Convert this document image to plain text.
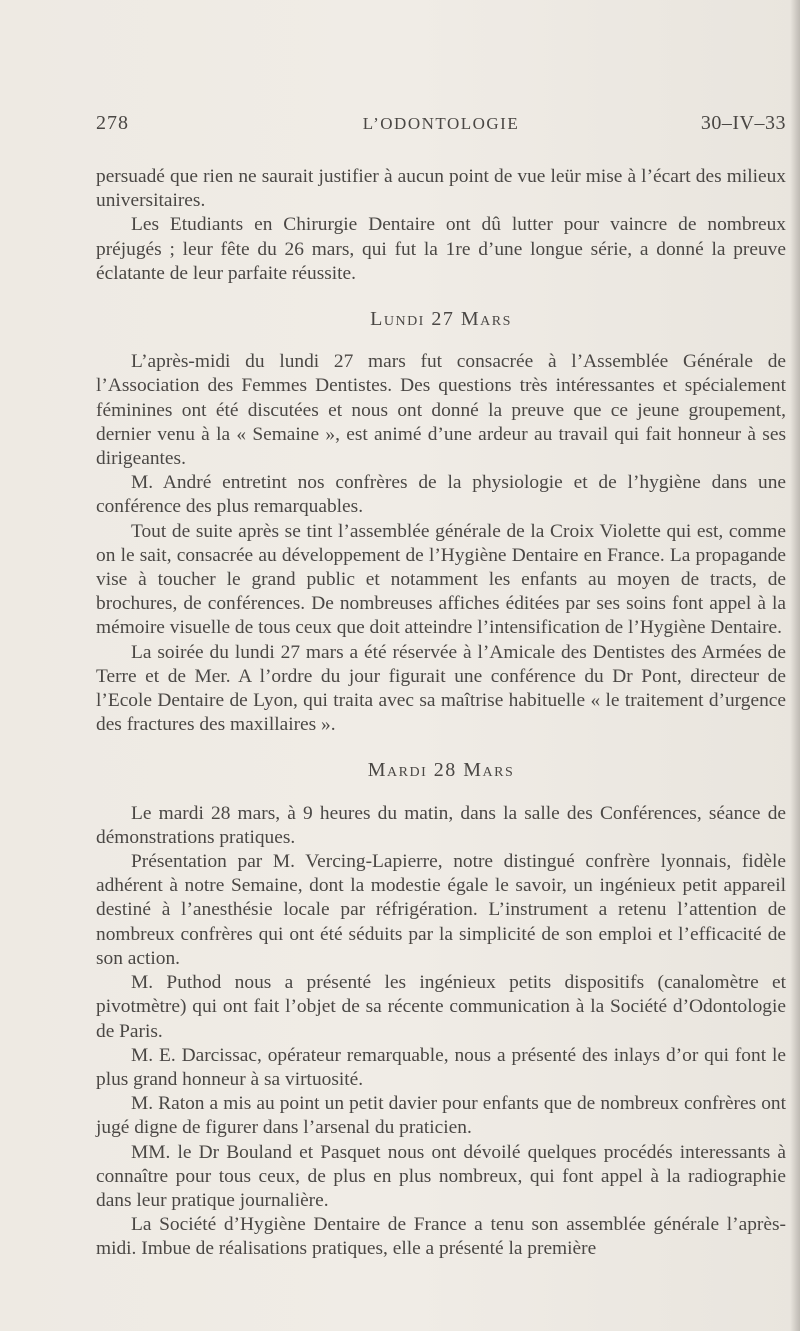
278	L’ODONTOLOGIE	30–IV–33

persuadé que rien ne saurait justifier à aucun point de vue leür mise à l’écart des milieux universitaires.

Les Etudiants en Chirurgie Dentaire ont dû lutter pour vaincre de nombreux préjugés ; leur fête du 26 mars, qui fut la 1re d’une longue série, a donné la preuve éclatante de leur parfaite réussite.

Lundi 27 Mars

L’après-midi du lundi 27 mars fut consacrée à l’Assemblée Générale de l’Association des Femmes Dentistes. Des questions très intéressantes et spécialement féminines ont été discutées et nous ont donné la preuve que ce jeune groupement, dernier venu à la « Semaine », est animé d’une ardeur au travail qui fait honneur à ses dirigeantes.

M. André entretint nos confrères de la physiologie et de l’hygiène dans une conférence des plus remarquables.

Tout de suite après se tint l’assemblée générale de la Croix Violette qui est, comme on le sait, consacrée au développement de l’Hygiène Dentaire en France. La propagande vise à toucher le grand public et notamment les enfants au moyen de tracts, de brochures, de conférences. De nombreuses affiches éditées par ses soins font appel à la mémoire visuelle de tous ceux que doit atteindre l’intensification de l’Hygiène Dentaire.

La soirée du lundi 27 mars a été réservée à l’Amicale des Dentistes des Armées de Terre et de Mer. A l’ordre du jour figurait une conférence du Dr Pont, directeur de l’Ecole Dentaire de Lyon, qui traita avec sa maîtrise habituelle « le traitement d’urgence des fractures des maxillaires ».

Mardi 28 Mars

Le mardi 28 mars, à 9 heures du matin, dans la salle des Conférences, séance de démonstrations pratiques.

Présentation par M. Vercing-Lapierre, notre distingué confrère lyonnais, fidèle adhérent à notre Semaine, dont la modestie égale le savoir, un ingénieux petit appareil destiné à l’anesthésie locale par réfrigération. L’instrument a retenu l’attention de nombreux confrères qui ont été séduits par la simplicité de son emploi et l’efficacité de son action.

M. Puthod nous a présenté les ingénieux petits dispositifs (canalomètre et pivotmètre) qui ont fait l’objet de sa récente communication à la Société d’Odontologie de Paris.

M. E. Darcissac, opérateur remarquable, nous a présenté des inlays d’or qui font le plus grand honneur à sa virtuosité.

M. Raton a mis au point un petit davier pour enfants que de nombreux confrères ont jugé digne de figurer dans l’arsenal du praticien.

MM. le Dr Bouland et Pasquet nous ont dévoilé quelques procédés interessants à connaître pour tous ceux, de plus en plus nombreux, qui font appel à la radiographie dans leur pratique journalière.

La Société d’Hygiène Dentaire de France a tenu son assemblée générale l’après-midi. Imbue de réalisations pratiques, elle a présenté la première
